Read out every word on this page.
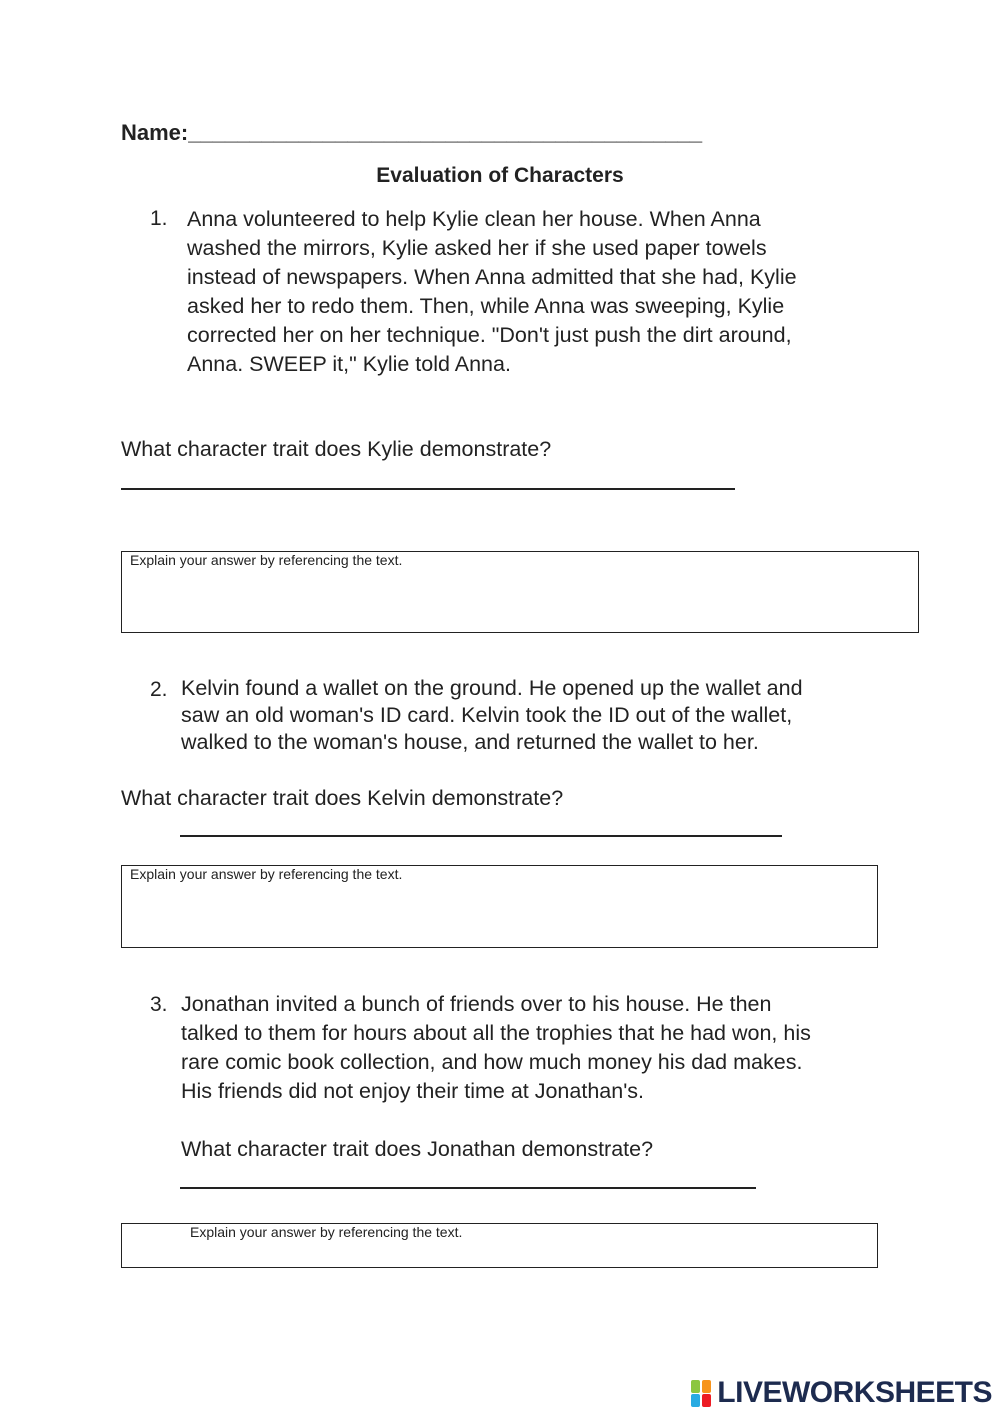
Name:__________________________________________
Evaluation of Characters
1. Anna volunteered to help Kylie clean her house. When Anna
washed the mirrors, Kylie asked her if she used paper towels
instead of newspapers. When Anna admitted that she had, Kylie
asked her to redo them. Then, while Anna was sweeping, Kylie
corrected her on her technique. "Don't just push the dirt around,
Anna. SWEEP it," Kylie told Anna.
What character trait does Kylie demonstrate?
Explain your answer by referencing the text.
2. Kelvin found a wallet on the ground. He opened up the wallet and
saw an old woman's ID card. Kelvin took the ID out of the wallet,
walked to the woman's house, and returned the wallet to her.
What character trait does Kelvin demonstrate?
Explain your answer by referencing the text.
3. Jonathan invited a bunch of friends over to his house. He then
talked to them for hours about all the trophies that he had won, his
rare comic book collection, and how much money his dad makes.
His friends did not enjoy their time at Jonathan's.
What character trait does Jonathan demonstrate?
Explain your answer by referencing the text.
LIVEWORKSHEETS
